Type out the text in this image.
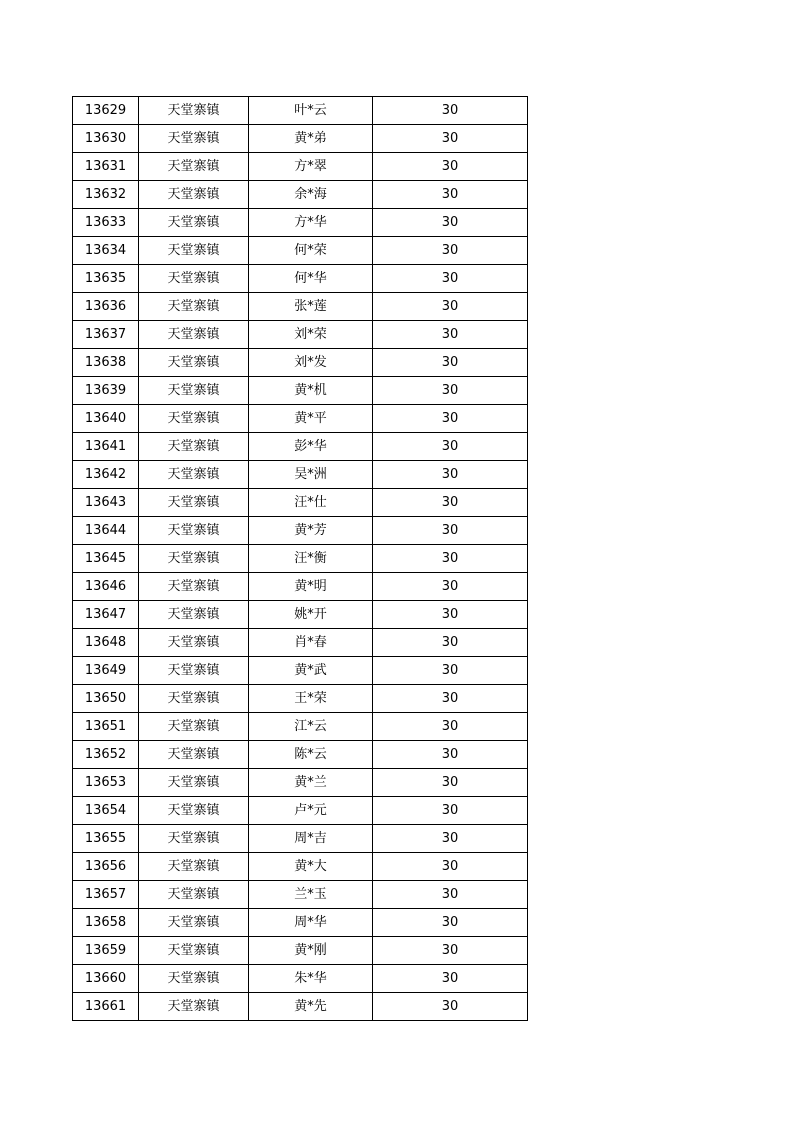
13629	天堂寨镇	叶*云	30
13630	天堂寨镇	黄*弟	30
13631	天堂寨镇	方*翠	30
13632	天堂寨镇	余*海	30
13633	天堂寨镇	方*华	30
13634	天堂寨镇	何*荣	30
13635	天堂寨镇	何*华	30
13636	天堂寨镇	张*莲	30
13637	天堂寨镇	刘*荣	30
13638	天堂寨镇	刘*发	30
13639	天堂寨镇	黄*机	30
13640	天堂寨镇	黄*平	30
13641	天堂寨镇	彭*华	30
13642	天堂寨镇	吴*洲	30
13643	天堂寨镇	汪*仕	30
13644	天堂寨镇	黄*芳	30
13645	天堂寨镇	汪*衡	30
13646	天堂寨镇	黄*明	30
13647	天堂寨镇	姚*开	30
13648	天堂寨镇	肖*春	30
13649	天堂寨镇	黄*武	30
13650	天堂寨镇	王*荣	30
13651	天堂寨镇	江*云	30
13652	天堂寨镇	陈*云	30
13653	天堂寨镇	黄*兰	30
13654	天堂寨镇	卢*元	30
13655	天堂寨镇	周*吉	30
13656	天堂寨镇	黄*大	30
13657	天堂寨镇	兰*玉	30
13658	天堂寨镇	周*华	30
13659	天堂寨镇	黄*刚	30
13660	天堂寨镇	朱*华	30
13661	天堂寨镇	黄*先	30
